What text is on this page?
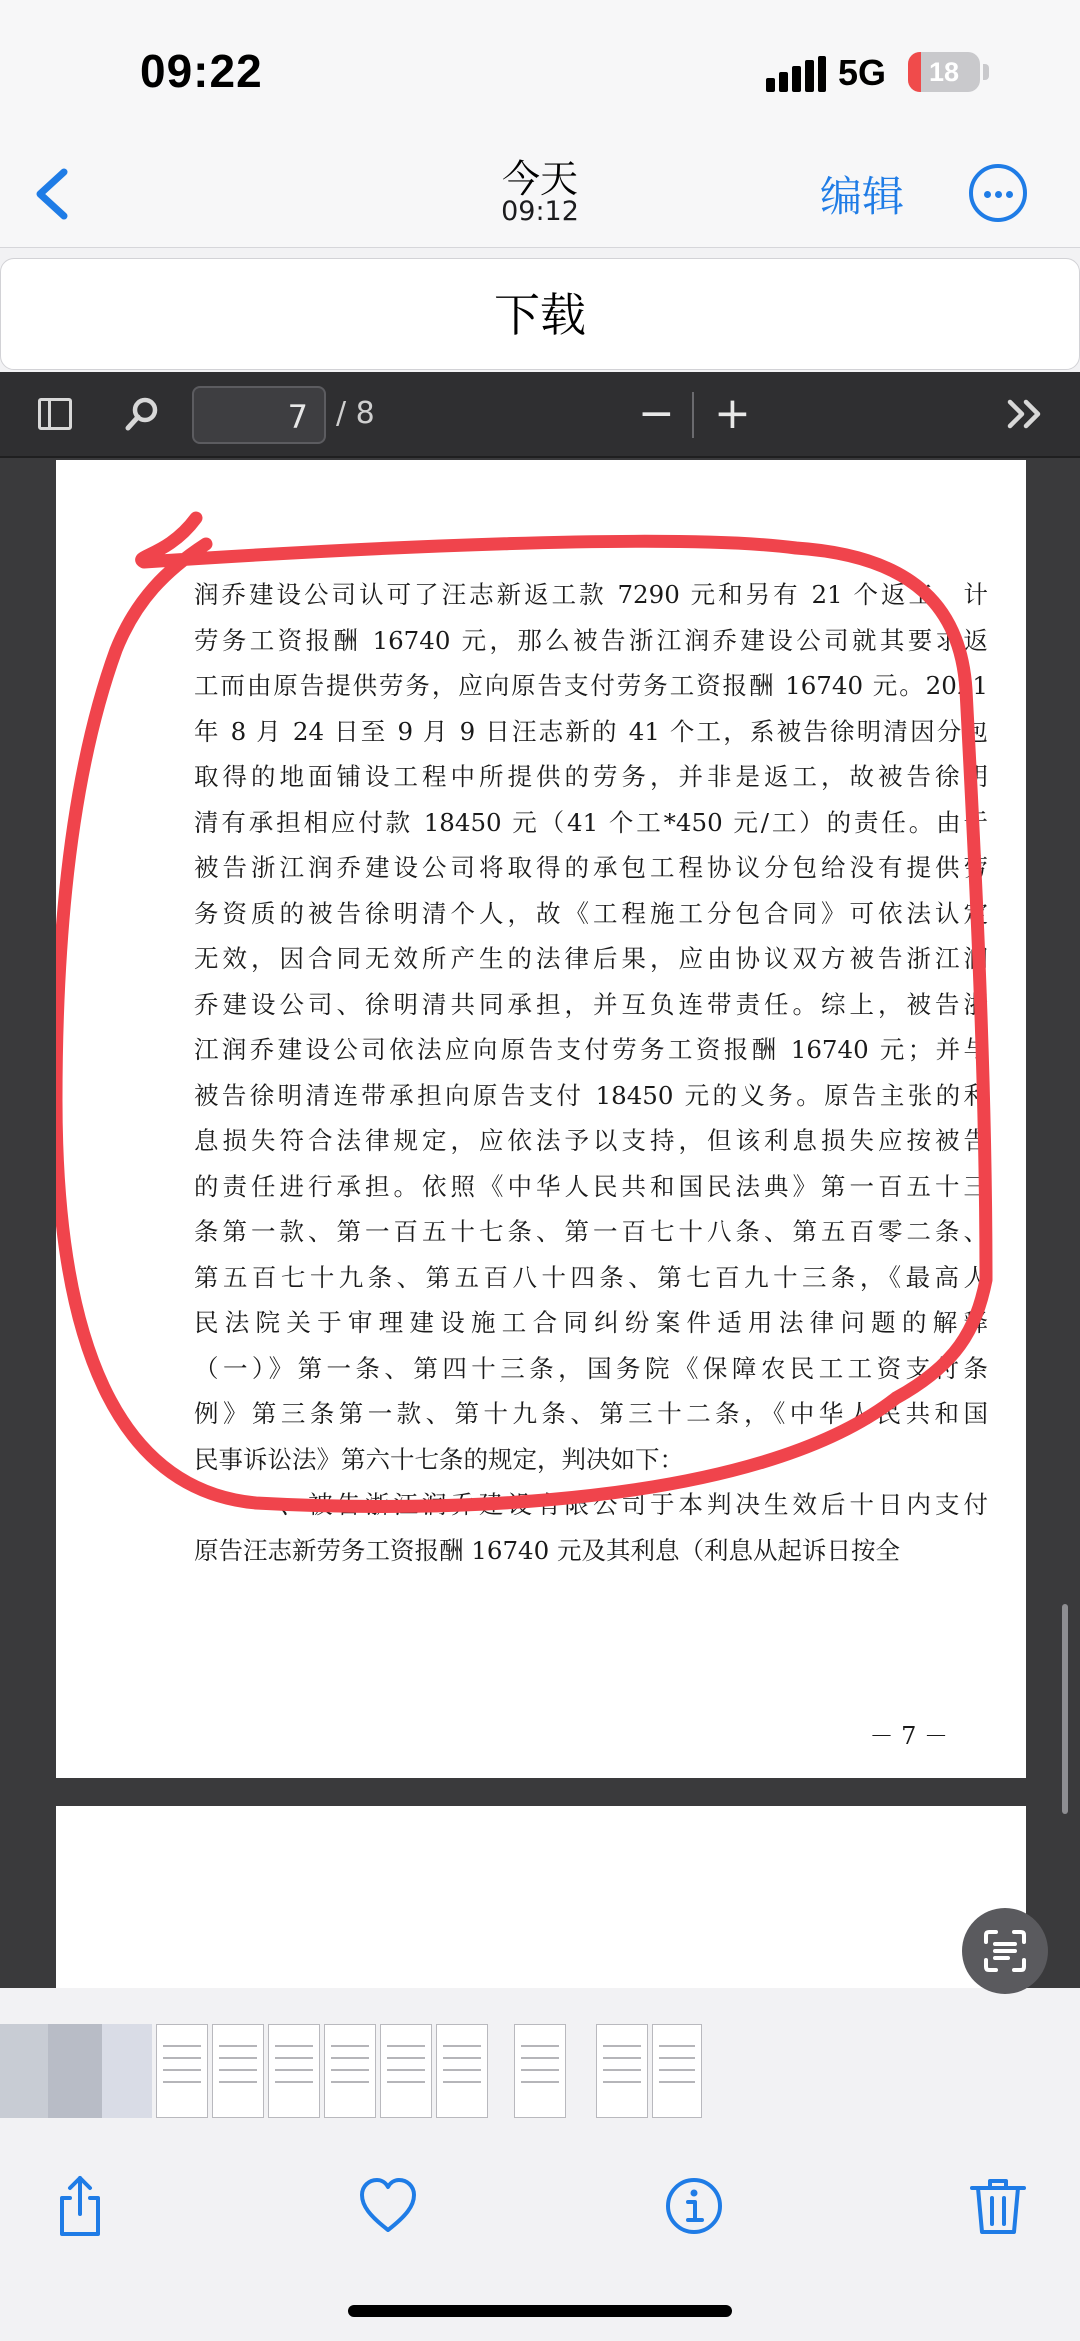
09:22	5G	18
今天
09:12	编辑
下载
7 / 8	− +

润乔建设公司认可了汪志新返工款 7290 元和另有 21 个返工，计

劳务工资报酬 16740 元，那么被告浙江润乔建设公司就其要求返

工而由原告提供劳务，应向原告支付劳务工资报酬 16740 元。2021

年 8 月 24 日至 9 月 9 日汪志新的 41 个工，系被告徐明清因分包

取得的地面铺设工程中所提供的劳务，并非是返工，故被告徐明

清有承担相应付款 18450 元（41 个工*450 元/工）的责任。由于

被告浙江润乔建设公司将取得的承包工程协议分包给没有提供劳

务资质的被告徐明清个人，故《工程施工分包合同》可依法认定

无效，因合同无效所产生的法律后果，应由协议双方被告浙江润

乔建设公司、徐明清共同承担，并互负连带责任。综上，被告浙

江润乔建设公司依法应向原告支付劳务工资报酬 16740 元；并与

被告徐明清连带承担向原告支付 18450 元的义务。原告主张的利

息损失符合法律规定，应依法予以支持，但该利息损失应按被告

的责任进行承担。依照《中华人民共和国民法典》第一百五十三

条第一款、第一百五十七条、第一百七十八条、第五百零二条、

第五百七十九条、第五百八十四条、第七百九十三条，《最高人

民法院关于审理建设施工合同纠纷案件适用法律问题的解释

（一）》第一条、第四十三条，国务院《保障农民工工资支付条

例》第三条第一款、第十九条、第三十二条，《中华人民共和国

民事诉讼法》第六十七条的规定，判决如下：

　　一、被告浙江润乔建设有限公司于本判决生效后十日内支付

原告汪志新劳务工资报酬 16740 元及其利息（利息从起诉日按全

－ 7 －
